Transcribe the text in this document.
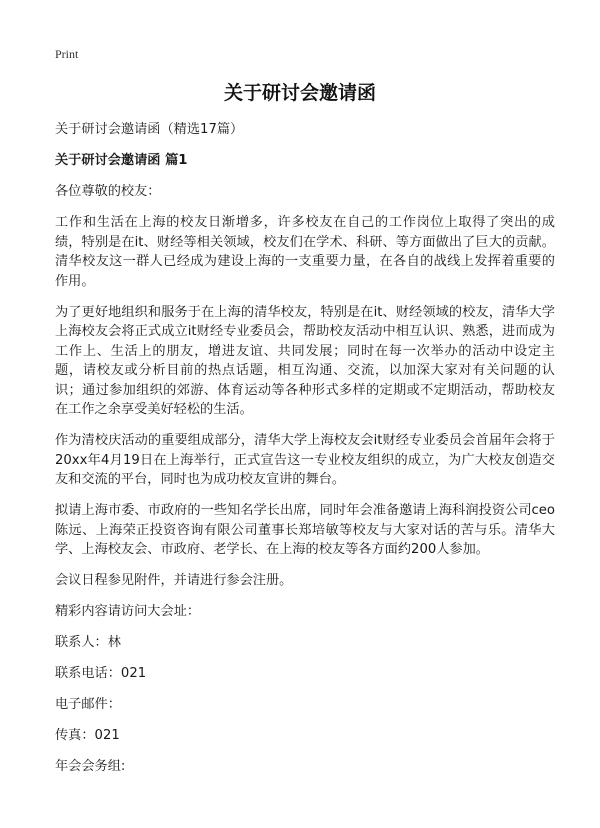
Print
关于研讨会邀请函

关于研讨会邀请函（精选17篇）

关于研讨会邀请函 篇1

各位尊敬的校友：

工作和生活在上海的校友日渐增多，许多校友在自己的工作岗位上取得了突出的成绩，特别是在it、财经等相关领域，校友们在学术、科研、等方面做出了巨大的贡献。清华校友这一群人已经成为建设上海的一支重要力量，在各自的战线上发挥着重要的作用。

为了更好地组织和服务于在上海的清华校友，特别是在it、财经领域的校友，清华大学上海校友会将正式成立it财经专业委员会，帮助校友活动中相互认识、熟悉，进而成为工作上、生活上的朋友，增进友谊、共同发展；同时在每一次举办的活动中设定主题，请校友或分析目前的热点话题，相互沟通、交流，以加深大家对有关问题的认识；通过参加组织的郊游、体育运动等各种形式多样的定期或不定期活动，帮助校友在工作之余享受美好轻松的生活。

作为清校庆活动的重要组成部分，清华大学上海校友会it财经专业委员会首届年会将于20xx年4月19日在上海举行，正式宣告这一专业校友组织的成立，为广大校友创造交友和交流的平台，同时也为成功校友宣讲的舞台。

拟请上海市委、市政府的一些知名学长出席，同时年会准备邀请上海科润投资公司ceo陈远、上海荣正投资咨询有限公司董事长郑培敏等校友与大家对话的苦与乐。清华大学、上海校友会、市政府、老学长、在上海的校友等各方面约200人参加。

会议日程参见附件，并请进行参会注册。

精彩内容请访问大会址：

联系人：林

联系电话：021

电子邮件：

传真：021

年会会务组:
